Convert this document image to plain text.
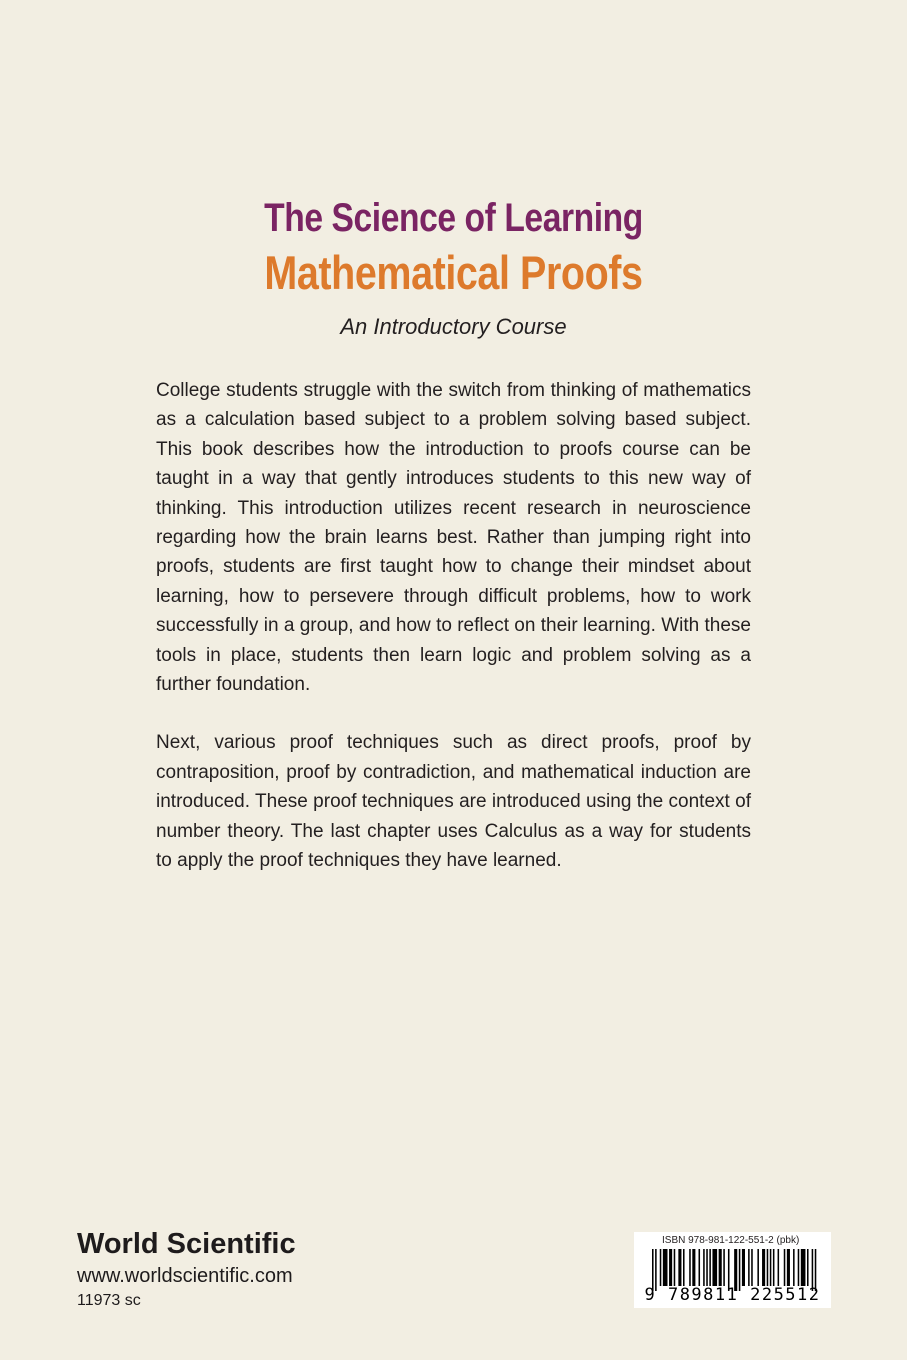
The Science of Learning
Mathematical Proofs
An Introductory Course

College students struggle with the switch from thinking of mathematics as a calculation based subject to a problem solving based subject. This book describes how the introduction to proofs course can be taught in a way that gently introduces students to this new way of thinking. This introduction utilizes recent research in neuroscience regarding how the brain learns best. Rather than jumping right into proofs, students are first taught how to change their mindset about learning, how to persevere through difficult problems, how to work successfully in a group, and how to reflect on their learning. With these tools in place, students then learn logic and problem solving as a further foundation.

Next, various proof techniques such as direct proofs, proof by contraposition, proof by contradiction, and mathematical induction are introduced. These proof techniques are introduced using the context of number theory. The last chapter uses Calculus as a way for students to apply the proof techniques they have learned.

World Scientific
www.worldscientific.com
11973 sc
ISBN 978-981-122-551-2 (pbk)
9 789811 225512
